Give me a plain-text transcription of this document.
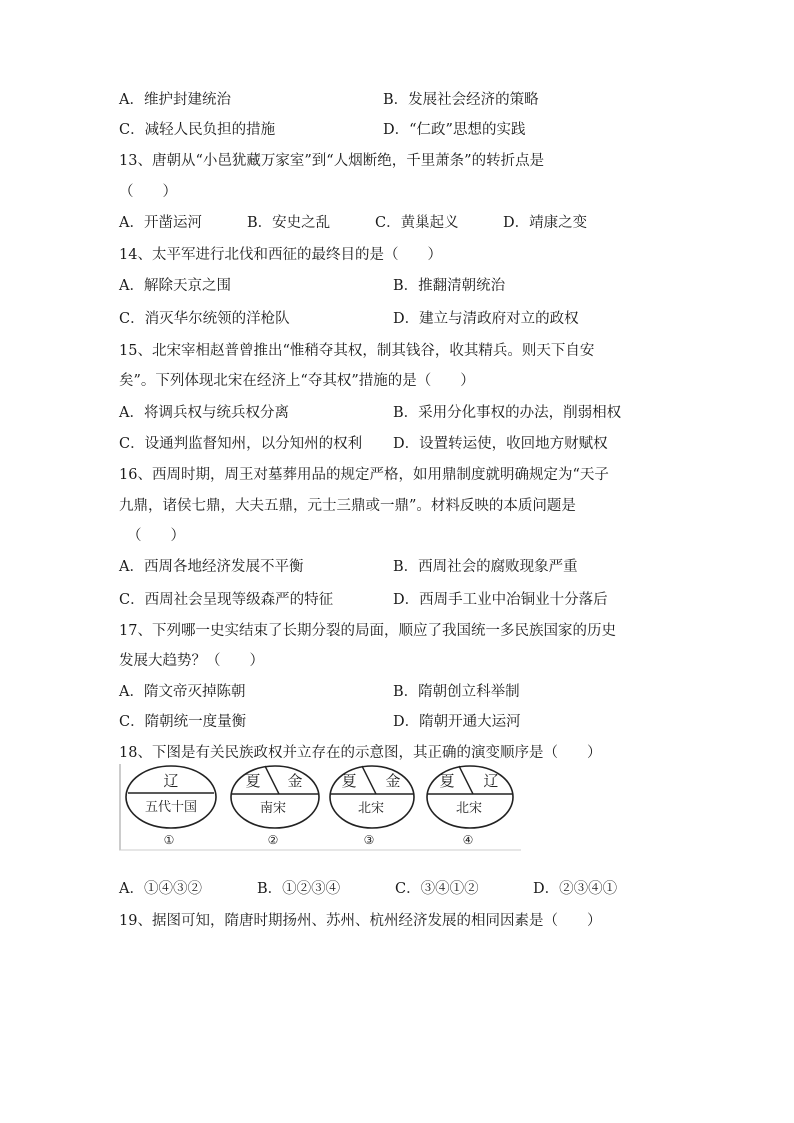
A．维护封建统治	B．发展社会经济的策略
C．减轻人民负担的措施	D．“仁政”思想的实践
13、唐朝从“小邑犹藏万家室”到“人烟断绝，千里萧条”的转折点是
（　　）
A．开凿运河	B．安史之乱	C．黄巢起义	D．靖康之变
14、太平军进行北伐和西征的最终目的是（　　）
A．解除天京之围	B．推翻清朝统治
C．消灭华尔统领的洋枪队	D．建立与清政府对立的政权
15、北宋宰相赵普曾推出“惟稍夺其权，制其钱谷，收其精兵。则天下自安
矣”。下列体现北宋在经济上“夺其权”措施的是（　　）
A．将调兵权与统兵权分离	B．采用分化事权的办法，削弱相权
C．设通判监督知州，以分知州的权利 D．设置转运使，收回地方财赋权
16、西周时期，周王对墓葬用品的规定严格，如用鼎制度就明确规定为“天子
九鼎，诸侯七鼎，大夫五鼎，元士三鼎或一鼎”。材料反映的本质问题是
（　　）
A．西周各地经济发展不平衡	B．西周社会的腐败现象严重
C．西周社会呈现等级森严的特征	D．西周手工业中冶铜业十分落后
17、下列哪一史实结束了长期分裂的局面，顺应了我国统一多民族国家的历史
发展大趋势？（　　）
A．隋文帝灭掉陈朝	B．隋朝创立科举制
C．隋朝统一度量衡	D．隋朝开通大运河
18、下图是有关民族政权并立存在的示意图，其正确的演变顺序是（　　）
辽
五代十国
①
夏 金
南宋
②
夏 金
北宋
③
夏 辽
北宋
④
A．①④③②	B．①②③④	C．③④①②	D．②③④①
19、据图可知，隋唐时期扬州、苏州、杭州经济发展的相同因素是（　　）
